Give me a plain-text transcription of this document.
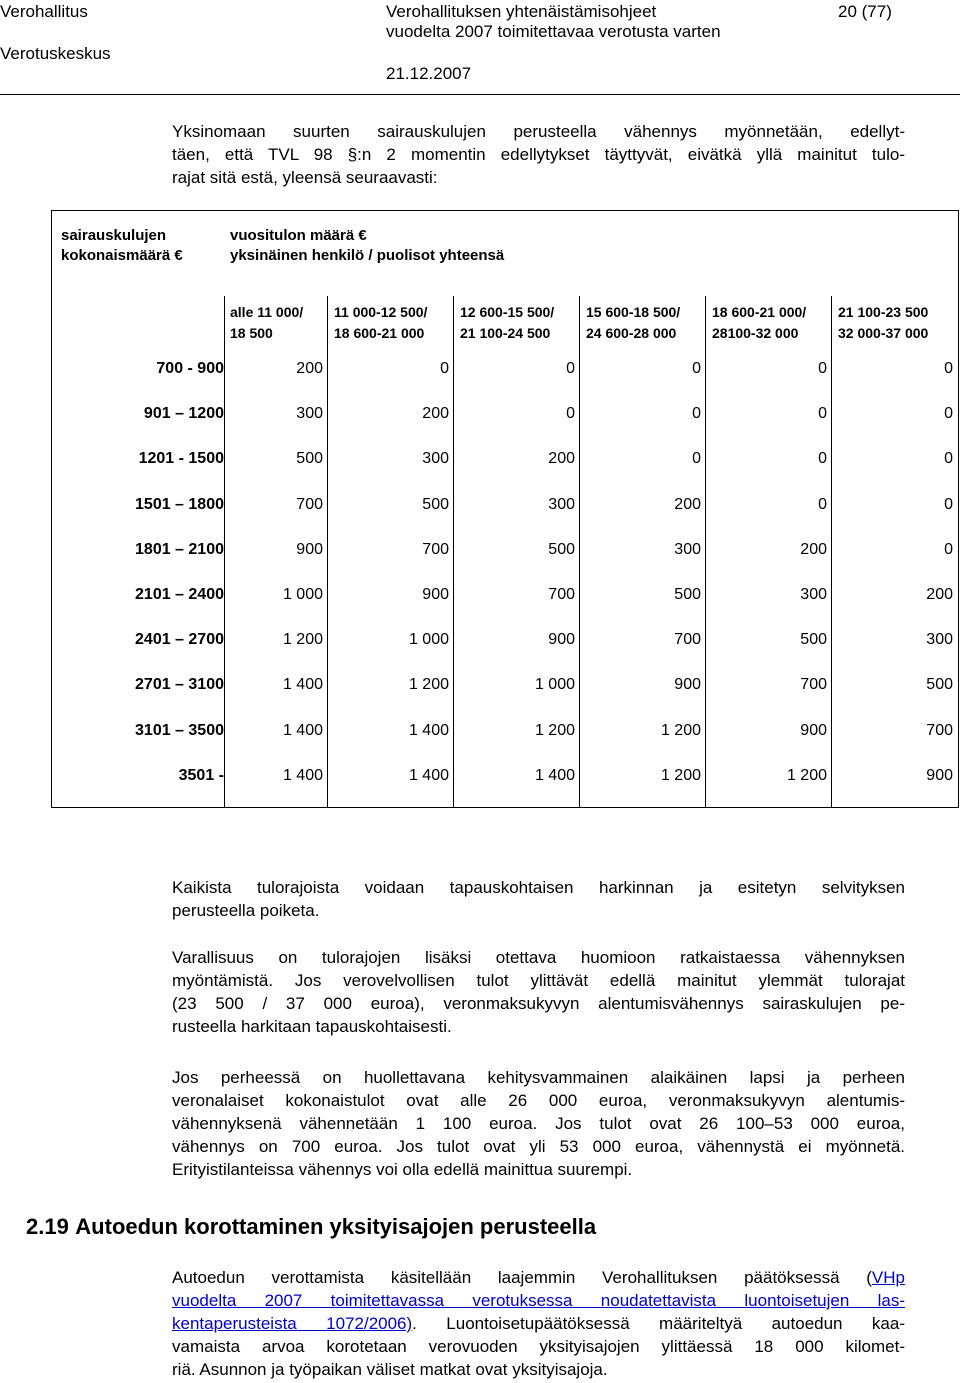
Verohallitus
Verotuskeskus
Verohallituksen yhtenäistämisohjeet
vuodelta 2007 toimitettavaa verotusta varten
21.12.2007
20 (77)
Yksinomaan suurten sairauskulujen perusteella vähennys myönnetään, edellyt-
täen, että TVL 98 §:n 2 momentin edellytykset täyttyvät, eivätkä yllä mainitut tulo-
rajat sitä estä, yleensä seuraavasti:
sairauskulujen
kokonaismäärä €
vuositulon määrä €
yksinäinen henkilö / puolisot yhteensä
alle 11 000/
18 500
11 000-12 500/
18 600-21 000
12 600-15 500/
21 100-24 500
15 600-18 500/
24 600-28 000
18 600-21 000/
28100-32 000
21 100-23 500
32 000-37 000
700 - 900	200	0	0	0	0	0
901 – 1200	300	200	0	0	0	0
1201 - 1500	500	300	200	0	0	0
1501 – 1800	700	500	300	200	0	0
1801 – 2100	900	700	500	300	200	0
2101 – 2400	1 000	900	700	500	300	200
2401 – 2700	1 200	1 000	900	700	500	300
2701 – 3100	1 400	1 200	1 000	900	700	500
3101 – 3500	1 400	1 400	1 200	1 200	900	700
3501 -	1 400	1 400	1 400	1 200	1 200	900
Kaikista tulorajoista voidaan tapauskohtaisen harkinnan ja esitetyn selvityksen
perusteella poiketa.
Varallisuus on tulorajojen lisäksi otettava huomioon ratkaistaessa vähennyksen
myöntämistä. Jos verovelvollisen tulot ylittävät edellä mainitut ylemmät tulorajat
(23 500 / 37 000 euroa), veronmaksukyvyn alentumisvähennys sairaskulujen pe-
rusteella harkitaan tapauskohtaisesti.
Jos perheessä on huollettavana kehitysvammainen alaikäinen lapsi ja perheen
veronalaiset kokonaistulot ovat alle 26 000 euroa, veronmaksukyvyn alentumis-
vähennyksenä vähennetään 1 100 euroa. Jos tulot ovat 26 100–53 000 euroa,
vähennys on 700 euroa. Jos tulot ovat yli 53 000 euroa, vähennystä ei myönnetä.
Erityistilanteissa vähennys voi olla edellä mainittua suurempi.
2.19 Autoedun korottaminen yksityisajojen perusteella
Autoedun verottamista käsitellään laajemmin Verohallituksen päätöksessä (VHp
vuodelta 2007 toimitettavassa verotuksessa noudatettavista luontoisetujen las-
kentaperusteista 1072/2006). Luontoisetupäätöksessä määriteltyä autoedun kaa-
vamaista arvoa korotetaan verovuoden yksityisajojen ylittäessä 18 000 kilomet-
riä. Asunnon ja työpaikan väliset matkat ovat yksityisajoja.
